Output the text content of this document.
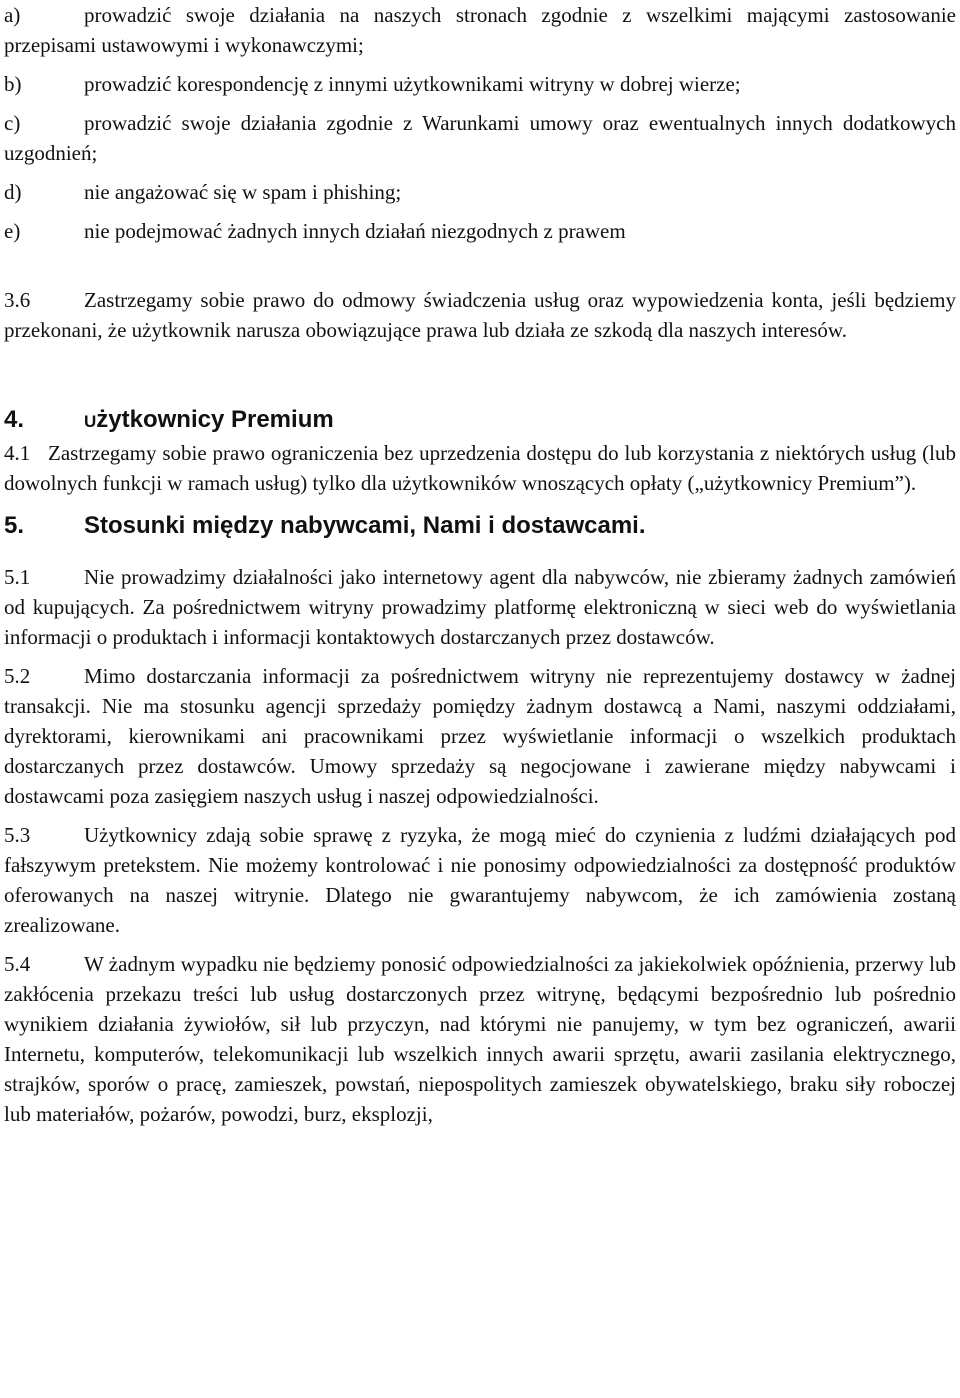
a)	prowadzić swoje działania na naszych stronach zgodnie z wszelkimi mającymi zastosowanie przepisami ustawowymi i wykonawczymi;

b)	prowadzić korespondencję z innymi użytkownikami witryny w dobrej wierze;

c)	prowadzić swoje działania zgodnie z Warunkami umowy oraz ewentualnych innych dodatkowych uzgodnień;

d)	nie angażować się w spam i phishing;

e)	nie podejmować żadnych innych działań niezgodnych z prawem

3.6	Zastrzegamy sobie prawo do odmowy świadczenia usług oraz wypowiedzenia konta, jeśli będziemy przekonani, że użytkownik narusza obowiązujące prawa lub działa ze szkodą dla naszych interesów.

4.	Użytkownicy Premium

4.1 Zastrzegamy sobie prawo ograniczenia bez uprzedzenia dostępu do lub korzystania z niektórych usług (lub dowolnych funkcji w ramach usług) tylko dla użytkowników wnoszących opłaty („użytkownicy Premium”).

5. Stosunki między nabywcami, Nami i dostawcami.

5.1	Nie prowadzimy działalności jako internetowy agent dla nabywców, nie zbieramy żadnych zamówień od kupujących. Za pośrednictwem witryny prowadzimy platformę elektroniczną w sieci web do wyświetlania informacji o produktach i informacji kontaktowych dostarczanych przez dostawców.

5.2	Mimo dostarczania informacji za pośrednictwem witryny nie reprezentujemy dostawcy w żadnej transakcji. Nie ma stosunku agencji sprzedaży pomiędzy żadnym dostawcą a Nami, naszymi oddziałami, dyrektorami, kierownikami ani pracownikami przez wyświetlanie informacji o wszelkich produktach dostarczanych przez dostawców. Umowy sprzedaży są negocjowane i zawierane między nabywcami i dostawcami poza zasięgiem naszych usług i naszej odpowiedzialności.

5.3	Użytkownicy zdają sobie sprawę z ryzyka, że mogą mieć do czynienia z ludźmi działających pod fałszywym pretekstem. Nie możemy kontrolować i nie ponosimy odpowiedzialności za dostępność produktów oferowanych na naszej witrynie. Dlatego nie gwarantujemy nabywcom, że ich zamówienia zostaną zrealizowane.

5.4	W żadnym wypadku nie będziemy ponosić odpowiedzialności za jakiekolwiek opóźnienia, przerwy lub zakłócenia przekazu treści lub usług dostarczonych przez witrynę, będącymi bezpośrednio lub pośrednio wynikiem działania żywiołów, sił lub przyczyn, nad którymi nie panujemy, w tym bez ograniczeń, awarii Internetu, komputerów, telekomunikacji lub wszelkich innych awarii sprzętu, awarii zasilania elektrycznego, strajków, sporów o pracę, zamieszek, powstań, niepospolitych zamieszek obywatelskiego, braku siły roboczej lub materiałów, pożarów, powodzi, burz, eksplozji,
